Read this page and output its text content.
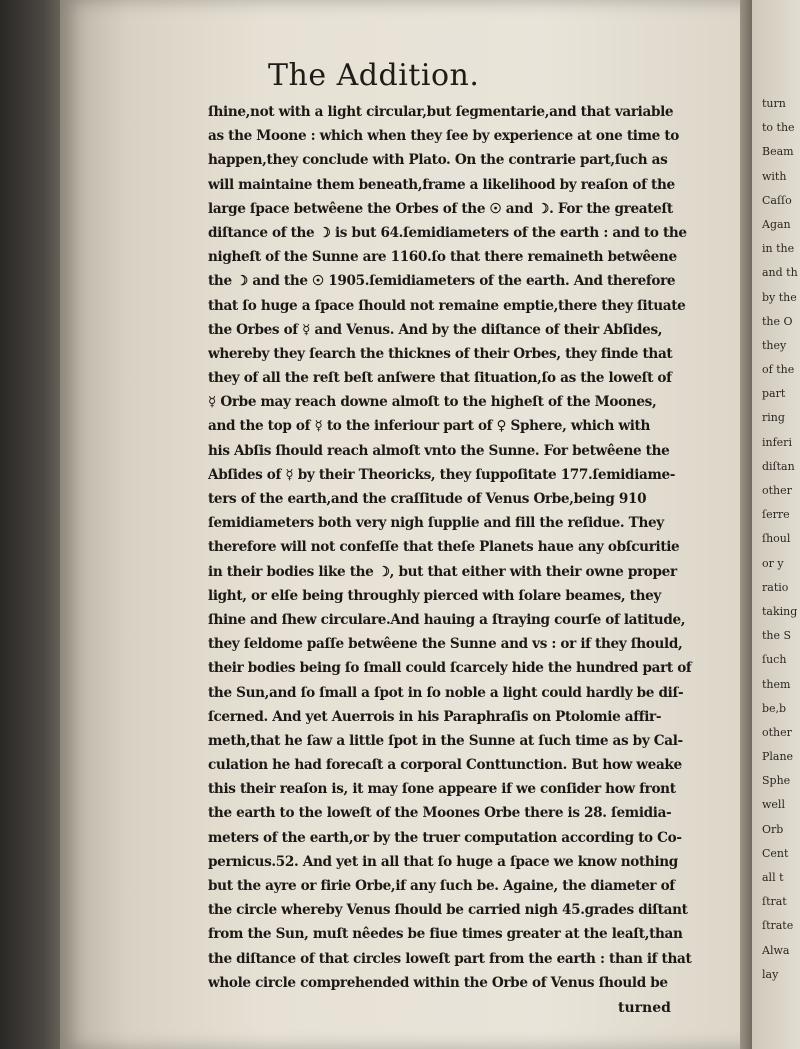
The Addition.
ſhine,not with a light circular,but ſegmentarie,and that variable
as the Moone : which when they ſee by experience at one time to
happen,they conclude with Plato. On the contrarie part,ſuch as
will maintaine them beneath,frame a likelihood by reaſon of the
large ſpace betwêene the Orbes of the ☉ and ☽. For the greateſt
diſtance of the ☽ is but 64.ſemidiameters of the earth : and to the
nigheſt of the Sunne are 1160.ſo that there remaineth betwêene
the ☽ and the ☉ 1905.ſemidiameters of the earth. And therefore
that ſo huge a ſpace ſhould not remaine emptie,there they ſituate
the Orbes of ☿ and Venus. And by the diſtance of their Abſides,
whereby they ſearch the thicknes of their Orbes, they finde that
they of all the reſt beſt anſwere that ſituation,ſo as the loweſt of
☿ Orbe may reach downe almoſt to the higheſt of the Moones,
and the top of ☿ to the inferiour part of ♀ Sphere, which with
his Abſis ſhould reach almoſt vnto the Sunne. For betwêene the
Abſides of ☿ by their Theoricks, they ſuppoſitate 177.ſemidiame-
ters of the earth,and the craſſitude of Venus Orbe,being 910
ſemidiameters both very nigh ſupplie and fill the reſidue. They
therefore will not confeſſe that theſe Planets haue any obſcuritie
in their bodies like the ☽, but that either with their owne proper
light, or elſe being throughly pierced with ſolare beames, they
ſhine and ſhew circulare.And hauing a ſtraying courſe of latitude,
they ſeldome paſſe betwêene the Sunne and vs : or if they ſhould,
their bodies being ſo ſmall could ſcarcely hide the hundred part of
the Sun,and ſo ſmall a ſpot in ſo noble a light could hardly be diſ-
ſcerned. And yet Auerrois in his Paraphraſis on Ptolomie affir-
meth,that he ſaw a little ſpot in the Sunne at ſuch time as by Cal-
culation he had forecaſt a corporal Conttunction. But how weake
this their reaſon is, it may ſone appeare if we conſider how front
the earth to the loweſt of the Moones Orbe there is 28. ſemidia-
meters of the earth,or by the truer computation according to Co-
pernicus.52. And yet in all that ſo huge a ſpace we know nothing
but the ayre or firie Orbe,if any ſuch be. Againe, the diameter of
the circle whereby Venus ſhould be carried nigh 45.grades diſtant
from the Sun, muſt nêedes be fiue times greater at the leaſt,than
the diſtance of that circles loweſt part from the earth : than if that
whole circle comprehended within the Orbe of Venus ſhould be
turned
turn
to the
Beam
with
Caſſo
Agan
in the
and th
by the
the O
they
of the
part
ring
inferi
diſtan
other
ſerre
ſhoul
or y
ratio
taking
the S
ſuch
them
be,b
other
Plane
Sphe
well
Orb
Cent
all t
ſtrat
ſtrate
Alwa
lay
